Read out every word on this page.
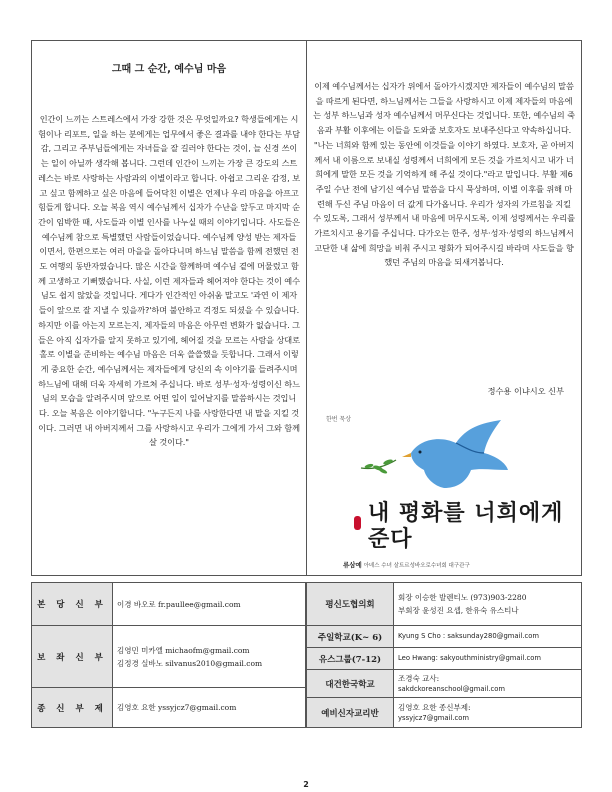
그때 그 순간, 예수님 마음
인간이 느끼는 스트레스에서 가장 강한 것은 무엇일까요? 학생들에게는 시험이나 리포트, 일을 하는 분에게는 업무에서 좋은 결과를 내야 한다는 부담감, 그리고 주부님들에게는 자녀들을 잘 길러야 한다는 것이, 늘 신경 쓰이는 일이 아닐까 생각해 봅니다. 그런데 인간이 느끼는 가장 큰 강도의 스트레스는 바로 사랑하는 사람과의 이별이라고 합니다. 아쉽고 그리운 감정, 보고 싶고 함께하고 싶은 마음에 들어닥친 이별은 언제나 우리 마음을 아프고 힘들게 합니다. 오늘 복음 역시 예수님께서 십자가 수난을 앞두고 마지막 순간이 임박한 때, 사도들과 이별 인사를 나누실 때의 이야기입니다. 사도들은 예수님께 참으로 특별했던 사람들이었습니다. 예수님께 양성 받는 제자들이면서, 한편으로는 여러 마을을 돌아다니며 하느님 말씀을 함께 전했던 전도 여행의 동반자였습니다. 많은 시간을 함께하며 예수님 곁에 머물렀고 함께 고생하고 기뻐했습니다. 사실, 이런 제자들과 헤어져야 한다는 것이 예수님도 쉽지 않았을 것입니다. 게다가 인간적인 아쉬움 말고도 '과연 이 제자들이 앞으로 잘 지낼 수 있을까?'하며 불안하고 걱정도 되셨을 수 있습니다. 하지만 이를 아는지 모르는지, 제자들의 마음은 아무런 변화가 없습니다. 그들은 아직 십자가를 알지 못하고 있기에, 헤어질 것을 모르는 사람을 상대로 홀로 이별을 준비하는 예수님 마음은 더욱 쓸쓸했을 듯합니다. 그래서 이렇게 중요한 순간, 예수님께서는 제자들에게 당신의 속 이야기를 들려주시며 하느님에 대해 더욱 자세히 가르쳐 주십니다. 바로 성부·성자·성령이신 하느님의 모습을 알려주시며 앞으로 어떤 일이 일어날지를 말씀하시는 것입니다. 오늘 복음은 이야기합니다. "누구든지 나를 사랑한다면 내 말을 지킬 것이다. 그러면 내 아버지께서 그를 사랑하시고 우리가 그에게 가서 그와 함께 살 것이다."
이제 예수님께서는 십자가 위에서 돌아가시겠지만 제자들이 예수님의 말씀을 따르게 된다면, 하느님께서는 그들을 사랑하시고 이제 제자들의 마음에는 성부 하느님과 성자 예수님께서 머무신다는 것입니다. 또한, 예수님의 죽음과 부활 이후에는 이들을 도와줄 보호자도 보내주신다고 약속하십니다.
"나는 너희와 함께 있는 동안에 이것들을 이야기 하였다. 보호자, 곧 아버지께서 내 이름으로 보내실 성령께서 너희에게 모든 것을 가르치시고 내가 너희에게 말한 모든 것을 기억하게 해 주실 것이다."라고 말입니다. 부활 제6주일 수난 전에 남기신 예수님 말씀을 다시 묵상하며, 이별 이후를 위해 마련해 두신 주님 마음이 더 값게 다가옵니다. 우리가 성자의 가르침을 지킬 수 있도록, 그래서 성부께서 내 마음에 머무시도록, 이제 성령께서는 우리를 가르치시고 용기를 주십니다. 다가오는 한주, 성부·성자·성령의 하느님께서 고단한 내 삶에 희망을 비춰 주시고 평화가 되어주시길 바라며 사도들을 향했던 주님의 마음을 되새겨봅니다.
정수용 이냐시오 신부
한번 묵상
내 평화를 너희에게 준다
류삼예 아녜스 수녀 살트르성바오로수녀회 대구관구
본 당 신 부	이경 바오로 fr.paullee@gmail.com

보 좌 신 부	김영민 미카엘 michaofm@gmail.com
김정경 실바노 silvanus2010@gmail.com

종 신 부 제	김영호 요한 yssyjcz7@gmail.com
평신도협의회	회장 이승한 발렌티노 (973)903-2280
부회장 윤성진 요셉, 한유숙 유스티나

주일학교(K~ 6)	Kyung S Cho : saksunday280@gmail.com

유스그룹(7-12)	Leo Hwang: sakyouthministry@gmail.com

대건한국학교	조경숙 교사:
sakdckoreanschool@gmail.com

예비신자교리반	김영호 요한 종신부제:
yssyjcz7@gmail.com
2
